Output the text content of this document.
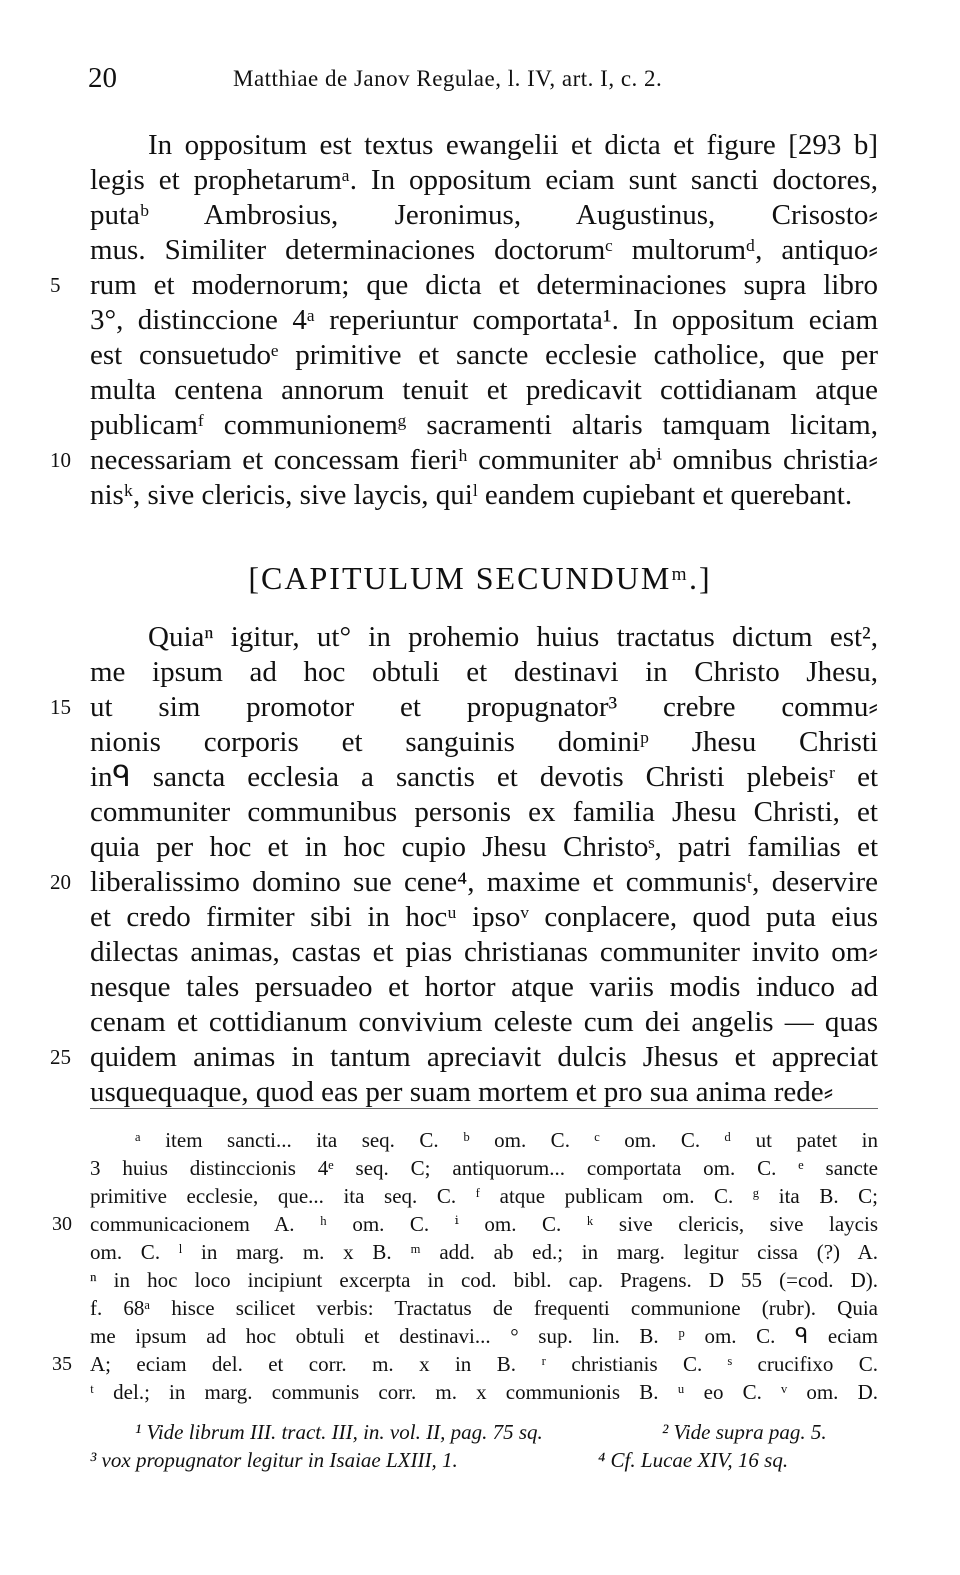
20	Matthiae de Janov Regulae, l. IV, art. I, c. 2.
In oppositum est textus ewangelii et dicta et figure [293 b]
legis et prophetarumᵃ. In oppositum eciam sunt sancti doctores,
putaᵇ Ambrosius, Jeronimus, Augustinus, Crisosto⸗
mus. Similiter determinaciones doctorumᶜ multorumᵈ, antiquo⸗
rum et modernorum; que dicta et determinaciones supra libro
3°, distinccione 4ᵃ reperiuntur comportata¹. In oppositum eciam
est consuetudoᵉ primitive et sancte ecclesie catholice, que per
multa centena annorum tenuit et predicavit cottidianam atque
publicamᶠ communionemᵍ sacramenti altaris tamquam licitam,
necessariam et concessam fieriʰ communiter abⁱ omnibus christia⸗
nisᵏ, sive clericis, sive laycis, quiˡ eandem cupiebant et querebant.
5
10
[CAPITULUM SECUNDUMᵐ.]
Quiaⁿ igitur, ut° in prohemio huius tractatus dictum est²,
me ipsum ad hoc obtuli et destinavi in Christo Jhesu,
ut sim promotor et propugnator³ crebre commu⸗
nionis corporis et sanguinis dominiᵖ Jhesu Christi
inᑫ sancta ecclesia a sanctis et devotis Christi plebeisʳ et
communiter communibus personis ex familia Jhesu Christi, et
quia per hoc et in hoc cupio Jhesu Christoˢ, patri familias et
liberalissimo domino sue cene⁴, maxime et communisᵗ, deservire
et credo firmiter sibi in hocᵘ ipsoᵛ conplacere, quod puta eius
dilectas animas, castas et pias christianas communiter invito om⸗
nesque tales persuadeo et hortor atque variis modis induco ad
cenam et cottidianum convivium celeste cum dei angelis — quas
quidem animas in tantum apreciavit dulcis Jhesus et appreciat
usquequaque, quod eas per suam mortem et pro sua anima rede⸗
15
20
25
ᵃ item sancti... ita seq. C. ᵇ om. C. ᶜ om. C. ᵈ ut patet in
3 huius distinccionis 4ᵉ seq. C; antiquorum... comportata om. C. ᵉ sancte
primitive ecclesie, que... ita seq. C. ᶠ atque publicam om. C. ᵍ ita B. C;
communicacionem A. ʰ om. C. ⁱ om. C. ᵏ sive clericis, sive laycis
om. C. ˡ in marg. m. x B. ᵐ add. ab ed.; in marg. legitur cissa (?) A.
ⁿ in hoc loco incipiunt excerpta in cod. bibl. cap. Pragens. D 55 (=cod. D).
f. 68ᵃ hisce scilicet verbis: Tractatus de frequenti communione (rubr). Quia
me ipsum ad hoc obtuli et destinavi... ° sup. lin. B. ᵖ om. C. ᑫ eciam
A; eciam del. et corr. m. x in B. ʳ christianis C. ˢ crucifixo C.
ᵗ del.; in marg. communis corr. m. x communionis B. ᵘ eo C. ᵛ om. D.
30
35
¹ Vide librum III. tract. III, in. vol. II, pag. 75 sq.	² Vide supra pag. 5.
³ vox propugnator legitur in Isaiae LXIII, 1.	⁴ Cf. Lucae XIV, 16 sq.
